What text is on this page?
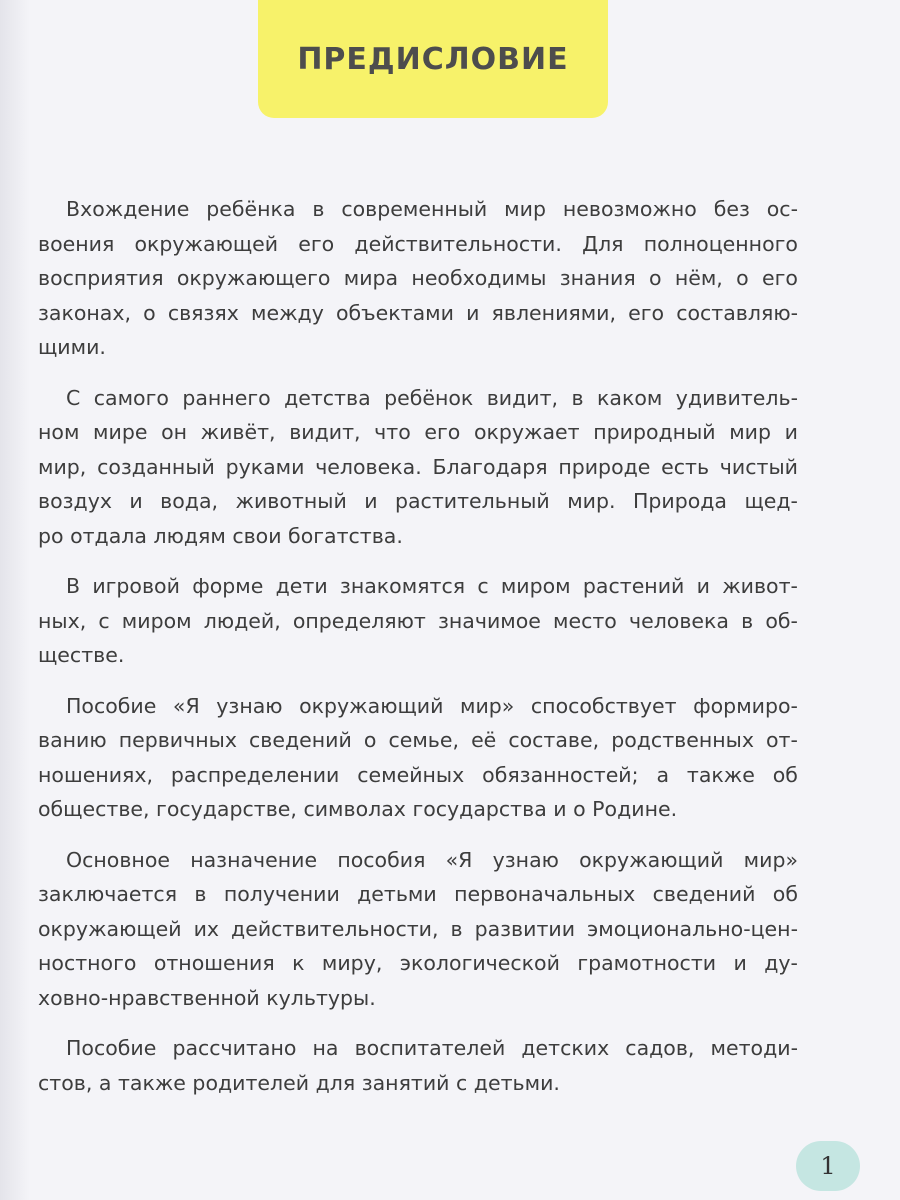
ПРЕДИСЛОВИЕ
Вхождение ребёнка в современный мир невозможно без ос-
воения окружающей его действительности. Для полноценного
восприятия окружающего мира необходимы знания о нём, о его
законах, о связях между объектами и явлениями, его составляю-
щими.
С самого раннего детства ребёнок видит, в каком удивитель-
ном мире он живёт, видит, что его окружает природный мир и
мир, созданный руками человека. Благодаря природе есть чистый
воздух и вода, животный и растительный мир. Природа щед-
ро отдала людям свои богатства.
В игровой форме дети знакомятся с миром растений и живот-
ных, с миром людей, определяют значимое место человека в об-
ществе.
Пособие «Я узнаю окружающий мир» способствует формиро-
ванию первичных сведений о семье, её составе, родственных от-
ношениях, распределении семейных обязанностей; а также об
обществе, государстве, символах государства и о Родине.
Основное назначение пособия «Я узнаю окружающий мир»
заключается в получении детьми первоначальных сведений об
окружающей их действительности, в развитии эмоционально-цен-
ностного отношения к миру, экологической грамотности и ду-
ховно-нравственной культуры.
Пособие рассчитано на воспитателей детских садов, методи-
стов, а также родителей для занятий с детьми.
1
